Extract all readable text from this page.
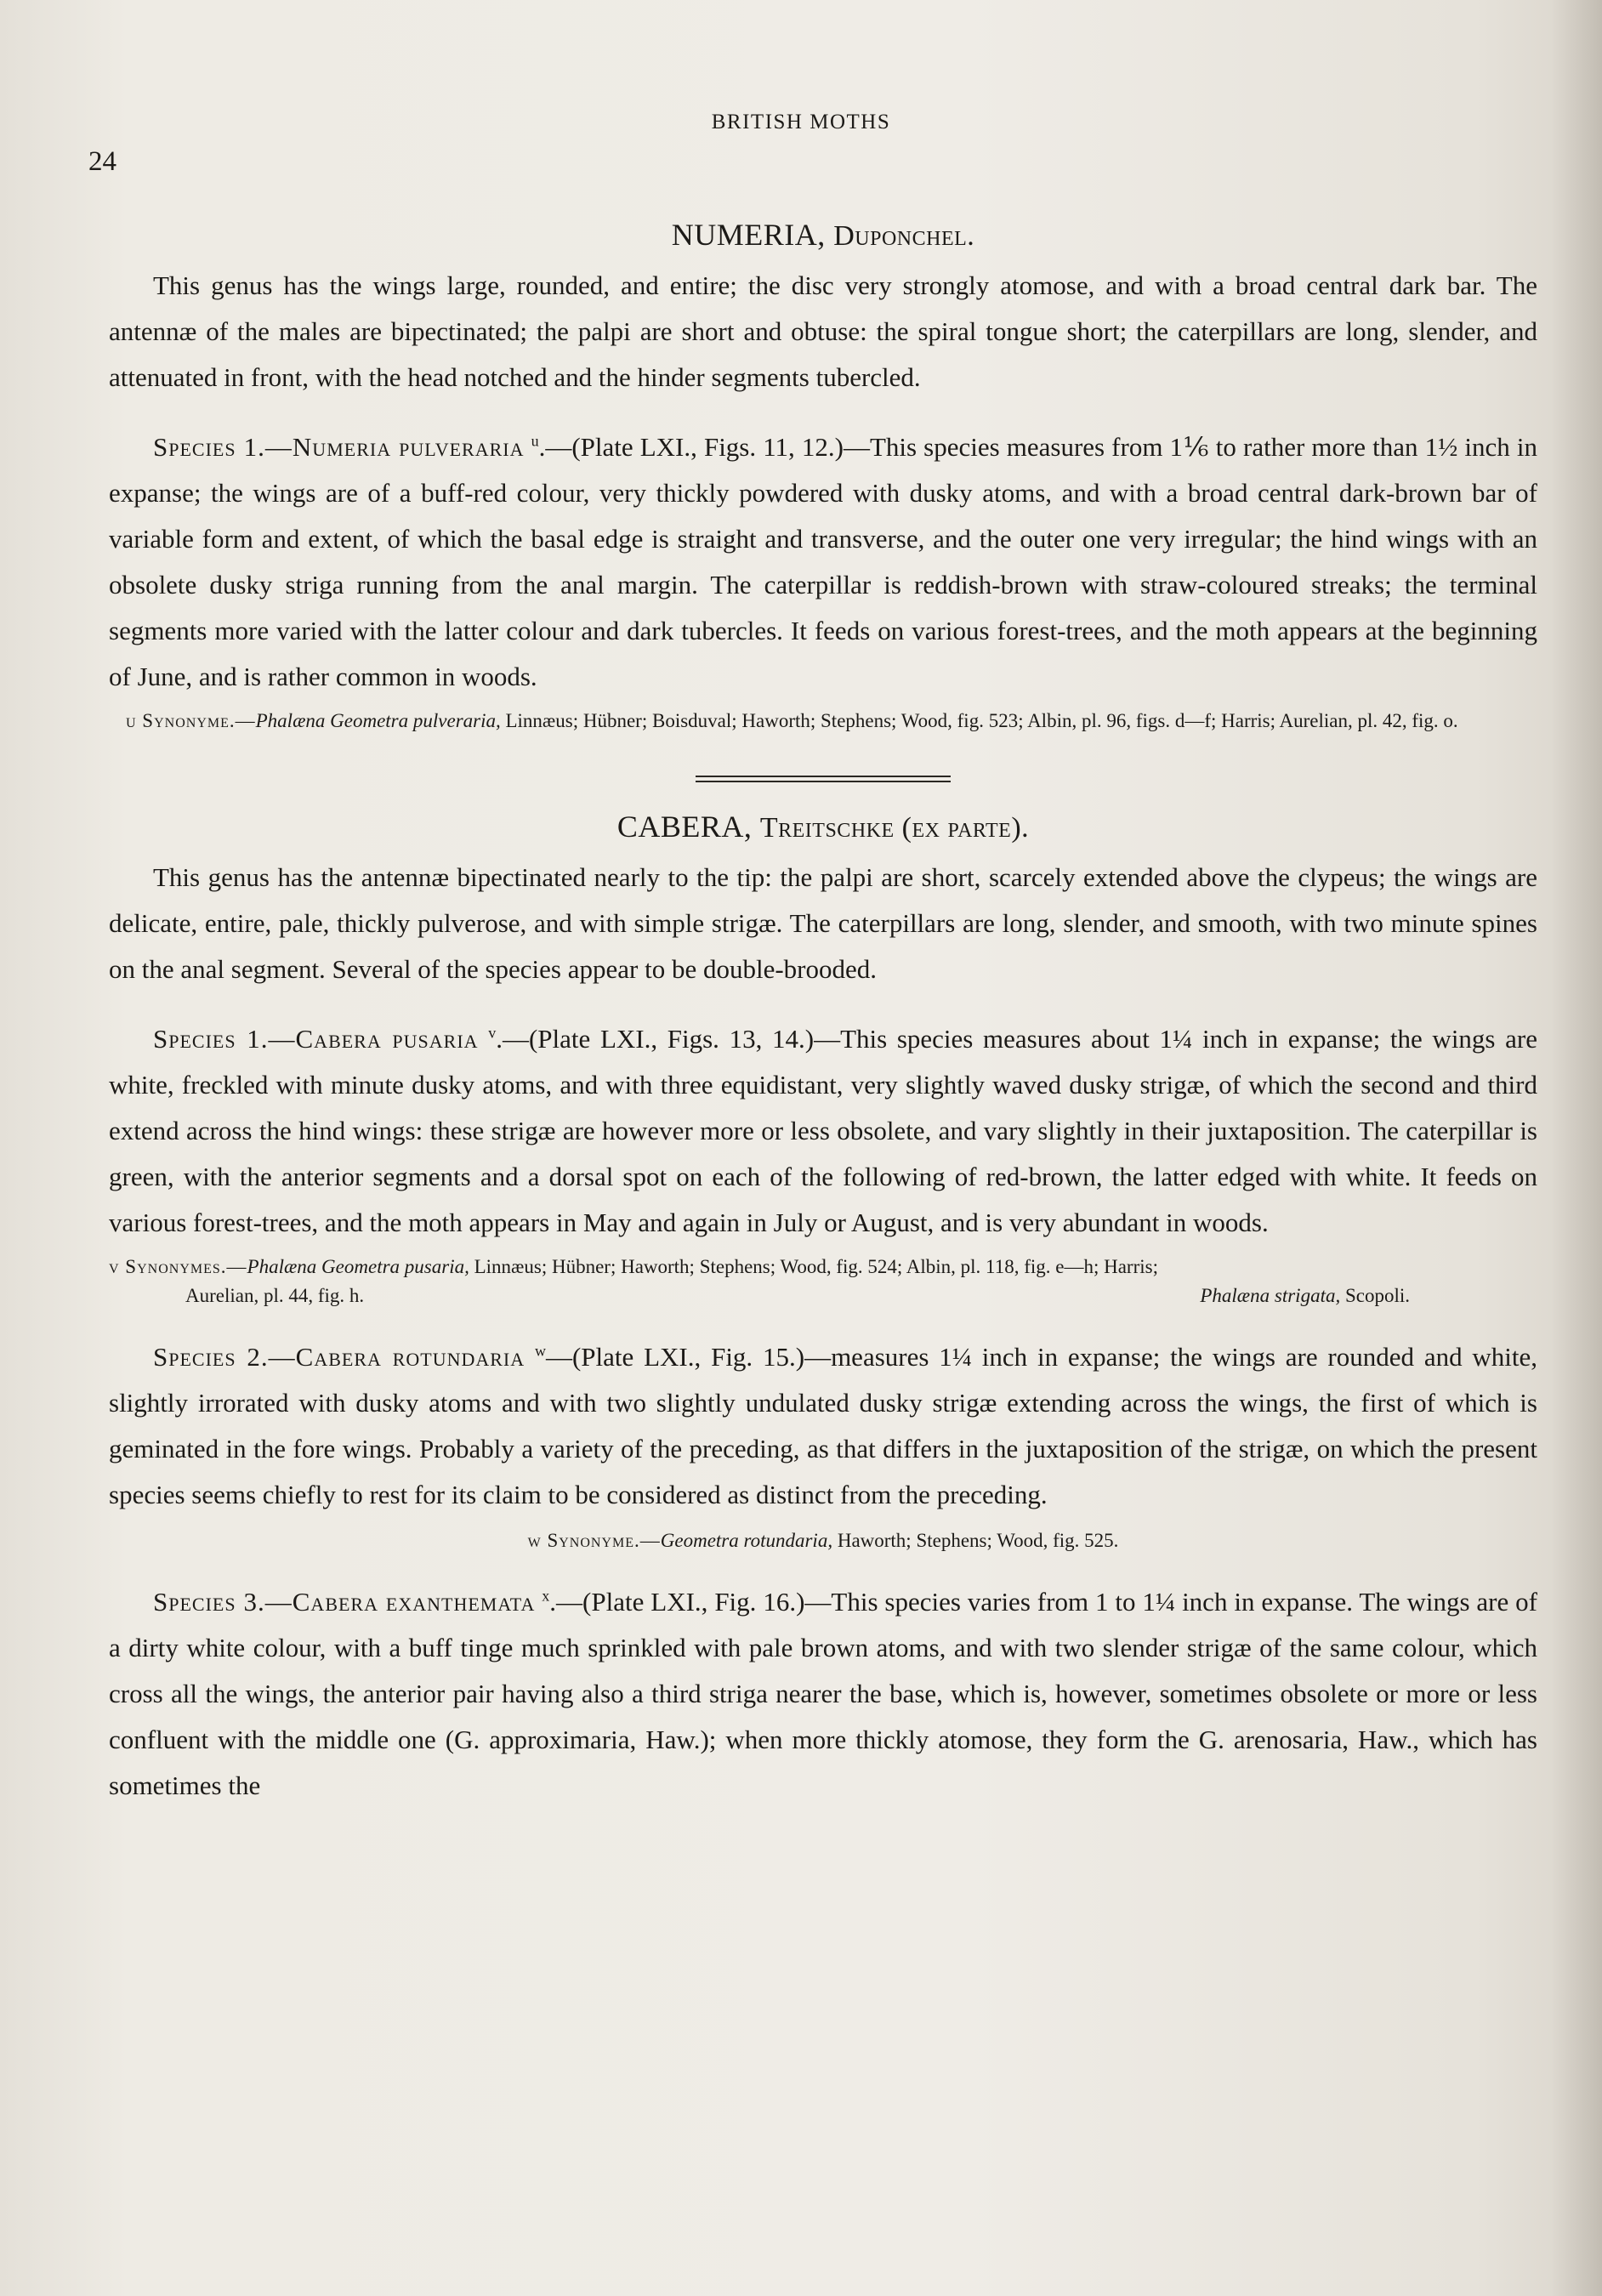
BRITISH MOTHS
24
NUMERIA, Duponchel.

This genus has the wings large, rounded, and entire; the disc very strongly atomose, and with a broad central dark bar. The antennæ of the males are bipectinated; the palpi are short and obtuse: the spiral tongue short; the caterpillars are long, slender, and attenuated in front, with the head notched and the hinder segments tubercled.

Species 1.—Numeria pulveraria $^u$.—(Plate LXI., Figs. 11, 12.)—This species measures from 1⅙ to rather more than 1½ inch in expanse; the wings are of a buff-red colour, very thickly powdered with dusky atoms, and with a broad central dark-brown bar of variable form and extent, of which the basal edge is straight and transverse, and the outer one very irregular; the hind wings with an obsolete dusky striga running from the anal margin. The caterpillar is reddish-brown with straw-coloured streaks; the terminal segments more varied with the latter colour and dark tubercles. It feeds on various forest-trees, and the moth appears at the beginning of June, and is rather common in woods.

u Synonyme.—Phalæna Geometra pulveraria, Linnæus; Hübner; Boisduval; Haworth; Stephens; Wood, fig. 523; Albin, pl. 96, figs. d—f; Harris; Aurelian, pl. 42, fig. o.

CABERA, Treitschke (ex parte).

This genus has the antennæ bipectinated nearly to the tip: the palpi are short, scarcely extended above the clypeus; the wings are delicate, entire, pale, thickly pulverose, and with simple strigæ. The caterpillars are long, slender, and smooth, with two minute spines on the anal segment. Several of the species appear to be double-brooded.

Species 1.—Cabera pusaria $^v$.—(Plate LXI., Figs. 13, 14.)—This species measures about 1¼ inch in expanse; the wings are white, freckled with minute dusky atoms, and with three equidistant, very slightly waved dusky strigæ, of which the second and third extend across the hind wings: these strigæ are however more or less obsolete, and vary slightly in their juxtaposition. The caterpillar is green, with the anterior segments and a dorsal spot on each of the following of red-brown, the latter edged with white. It feeds on various forest-trees, and the moth appears in May and again in July or August, and is very abundant in woods.

v Synonymes.—Phalæna Geometra pusaria, Linnæus; Hübner; Haworth; Stephens; Wood, fig. 524; Albin, pl. 118, fig. e—h; Harris;

Aurelian, pl. 44, fig. h.	Phalæna strigata, Scopoli.

Species 2.—Cabera rotundaria $^w$—(Plate LXI., Fig. 15.)—measures 1¼ inch in expanse; the wings are rounded and white, slightly irrorated with dusky atoms and with two slightly undulated dusky strigæ extending across the wings, the first of which is geminated in the fore wings. Probably a variety of the preceding, as that differs in the juxtaposition of the strigæ, on which the present species seems chiefly to rest for its claim to be considered as distinct from the preceding.

w Synonyme.—Geometra rotundaria, Haworth; Stephens; Wood, fig. 525.

Species 3.—Cabera exanthemata $^x$.—(Plate LXI., Fig. 16.)—This species varies from 1 to 1¼ inch in expanse. The wings are of a dirty white colour, with a buff tinge much sprinkled with pale brown atoms, and with two slender strigæ of the same colour, which cross all the wings, the anterior pair having also a third striga nearer the base, which is, however, sometimes obsolete or more or less confluent with the middle one (G. approximaria, Haw.); when more thickly atomose, they form the G. arenosaria, Haw., which has sometimes the
